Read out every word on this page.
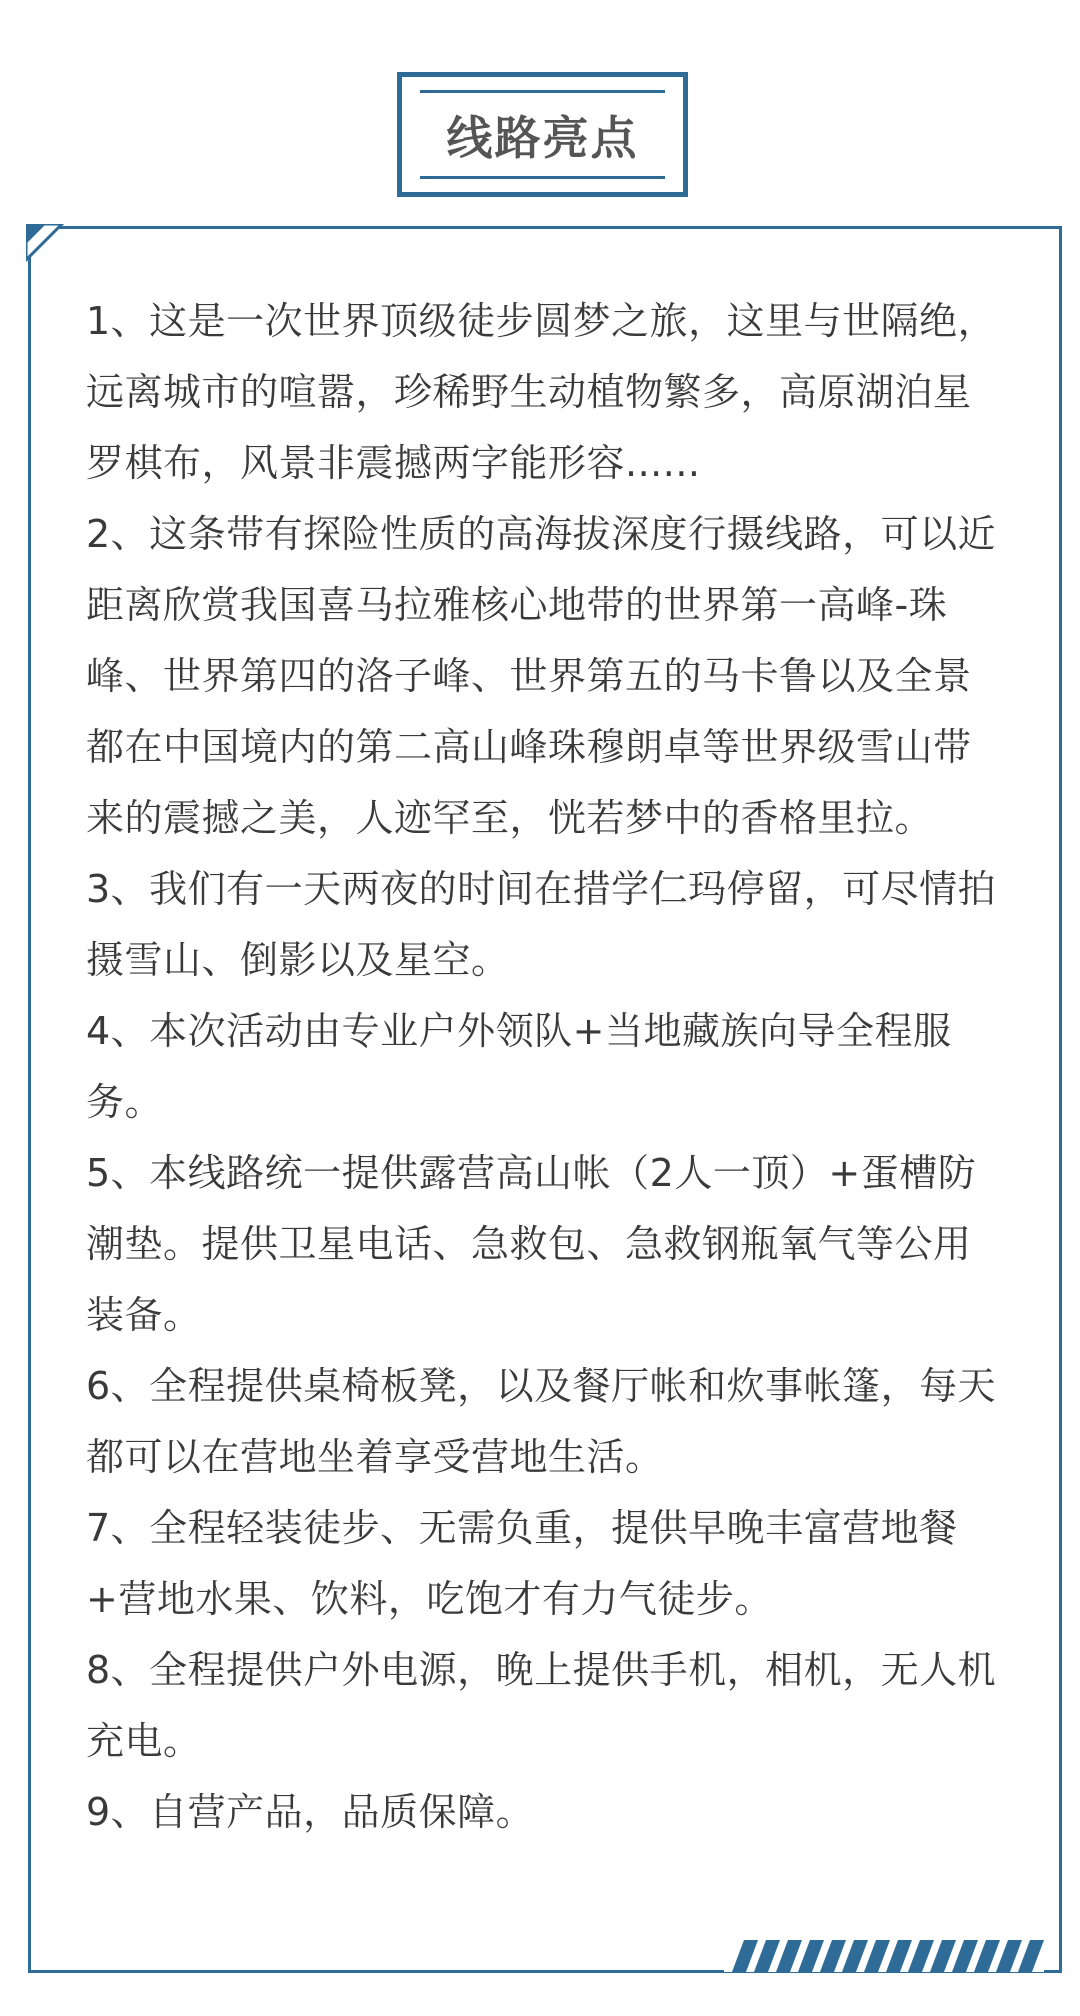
线路亮点
1、这是一次世界顶级徒步圆梦之旅，这里与世隔绝，远离城市的喧嚣，珍稀野生动植物繁多，高原湖泊星罗棋布，风景非震撼两字能形容......
2、这条带有探险性质的高海拔深度行摄线路，可以近距离欣赏我国喜马拉雅核心地带的世界第一高峰-珠峰、世界第四的洛子峰、世界第五的马卡鲁以及全景都在中国境内的第二高山峰珠穆朗卓等世界级雪山带来的震撼之美，人迹罕至，恍若梦中的香格里拉。
3、我们有一天两夜的时间在措学仁玛停留，可尽情拍摄雪山、倒影以及星空。
4、本次活动由专业户外领队+当地藏族向导全程服务。
5、本线路统一提供露营高山帐（2人一顶）+蛋槽防潮垫。提供卫星电话、急救包、急救钢瓶氧气等公用装备。
6、全程提供桌椅板凳，以及餐厅帐和炊事帐篷，每天都可以在营地坐着享受营地生活。
7、全程轻装徒步、无需负重，提供早晚丰富营地餐+营地水果、饮料，吃饱才有力气徒步。
8、全程提供户外电源，晚上提供手机，相机，无人机充电。
9、自营产品，品质保障。
